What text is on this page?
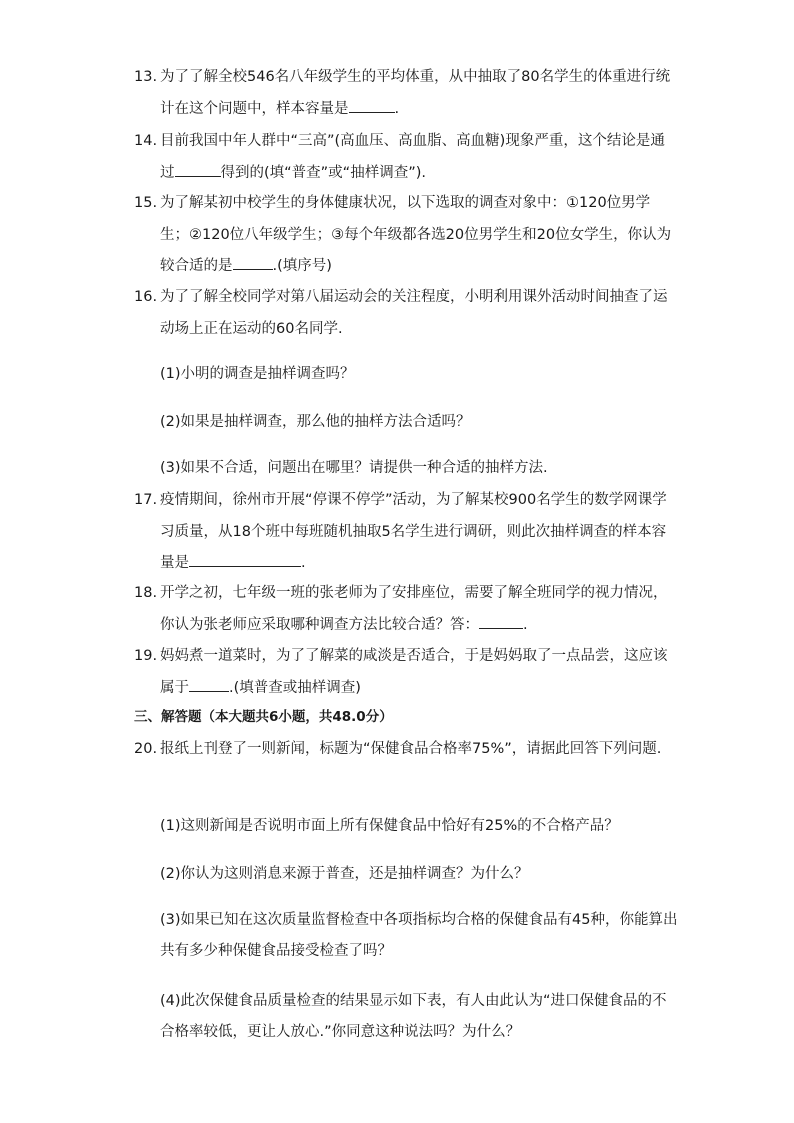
13. 为了了解全校546名八年级学生的平均体重，从中抽取了80名学生的体重进行统计在这个问题中，样本容量是	.
14. 目前我国中年人群中“三高”(高血压、高血脂、高血糖)现象严重，这个结论是通过	得到的(填“普查”或“抽样调查”).
15. 为了解某初中校学生的身体健康状况，以下选取的调查对象中：①120位男学生；②120位八年级学生；③每个年级都各选20位男学生和20位女学生，你认为较合适的是	.(填序号)
16. 为了了解全校同学对第八届运动会的关注程度，小明利用课外活动时间抽查了运动场上正在运动的60名同学.
(1)小明的调查是抽样调查吗？
(2)如果是抽样调查，那么他的抽样方法合适吗？
(3)如果不合适，问题出在哪里？请提供一种合适的抽样方法.
17. 疫情期间，徐州市开展“停课不停学”活动，为了解某校900名学生的数学网课学习质量，从18个班中每班随机抽取5名学生进行调研，则此次抽样调查的样本容量是	.
18. 开学之初，七年级一班的张老师为了安排座位，需要了解全班同学的视力情况，你认为张老师应采取哪种调查方法比较合适？答：	.
19. 妈妈煮一道菜时，为了了解菜的咸淡是否适合，于是妈妈取了一点品尝，这应该属于	.(填普查或抽样调查)
三、解答题（本大题共6小题，共48.0分）
20. 报纸上刊登了一则新闻，标题为“保健食品合格率75%”，请据此回答下列问题.
(1)这则新闻是否说明市面上所有保健食品中恰好有25%的不合格产品？
(2)你认为这则消息来源于普查，还是抽样调查？为什么？
(3)如果已知在这次质量监督检查中各项指标均合格的保健食品有45种，你能算出共有多少种保健食品接受检查了吗？
(4)此次保健食品质量检查的结果显示如下表，有人由此认为“进口保健食品的不合格率较低，更让人放心.”你同意这种说法吗？为什么？
